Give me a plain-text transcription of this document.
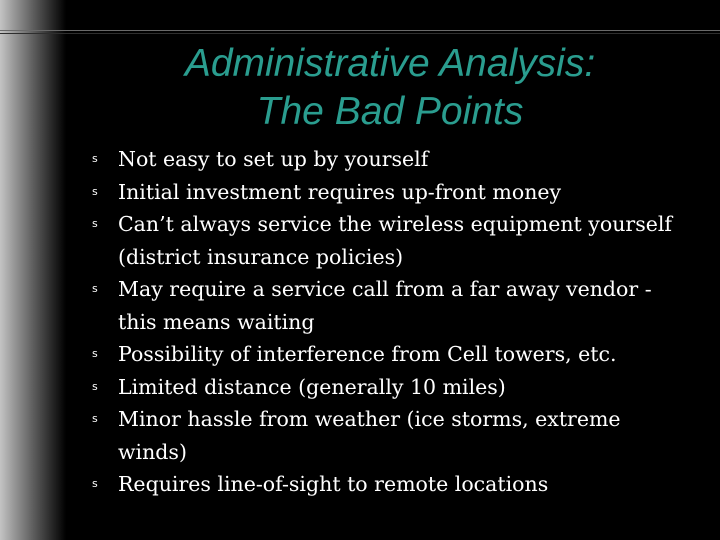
Administrative Analysis:
The Bad Points
s Not easy to set up by yourself
s Initial investment requires up-front money
s Can’t always service the wireless equipment yourself
(district insurance policies)
s May require a service call from a far away vendor -
this means waiting
s Possibility of interference from Cell towers, etc.
s Limited distance (generally 10 miles)
s Minor hassle from weather (ice storms, extreme
winds)
s Requires line-of-sight to remote locations
